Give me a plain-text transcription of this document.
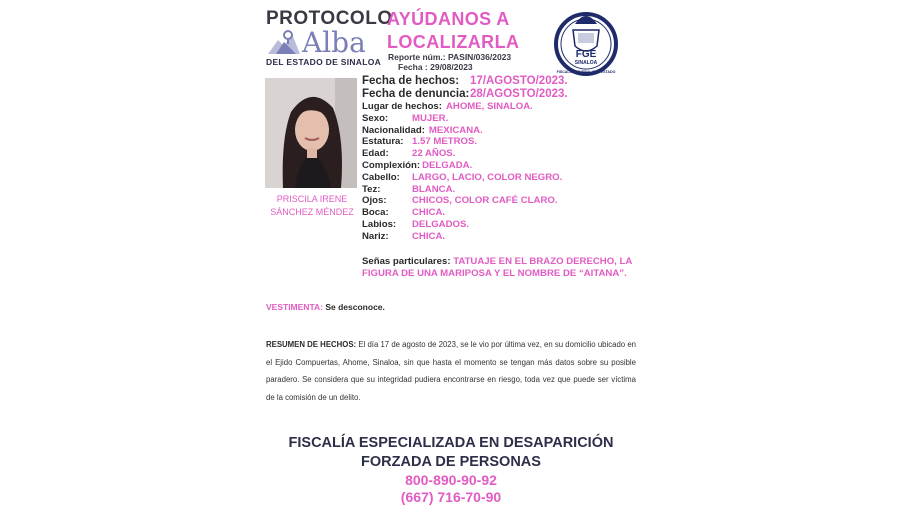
PROTOCOLO
Alba
DEL ESTADO DE SINALOA
AYÚDANOS A
LOCALIZARLA
Reporte núm.: PASIN/036/2023
Fecha : 29/08/2023
FGE
SINALOA
FISCALÍA GENERAL DEL ESTADO
PRISCILA IRENE
SÁNCHEZ MÉNDEZ
Fecha de hechos: 17/AGOSTO/2023.
Fecha de denuncia:28/AGOSTO/2023.
Lugar de hechos: AHOME, SINALOA.
Sexo:	MUJER.
Nacionalidad: MEXICANA.
Estatura: 1.57 METROS.
Edad:	22 AÑOS.
Complexión: DELGADA.
Cabello:	LARGO, LACIO, COLOR NEGRO.
Tez:	BLANCA.
Ojos:	CHICOS, COLOR CAFÉ CLARO.
Boca:	CHICA.
Labios:	DELGADOS.
Nariz:	CHICA.
Señas particulares: TATUAJE EN EL BRAZO DERECHO, LA FIGURA DE UNA MARIPOSA Y EL NOMBRE DE “AITANA”.
VESTIMENTA: Se desconoce.
RESUMEN DE HECHOS: El día 17 de agosto de 2023, se le vio por última vez, en su domicilio ubicado en el Ejido Compuertas, Ahome, Sinaloa, sin que hasta el momento se tengan más datos sobre su posible paradero. Se considera que su integridad pudiera encontrarse en riesgo, toda vez que puede ser víctima de la comisión de un delito.
FISCALÍA ESPECIALIZADA EN DESAPARICIÓN
FORZADA DE PERSONAS
800-890-90-92
(667) 716-70-90
